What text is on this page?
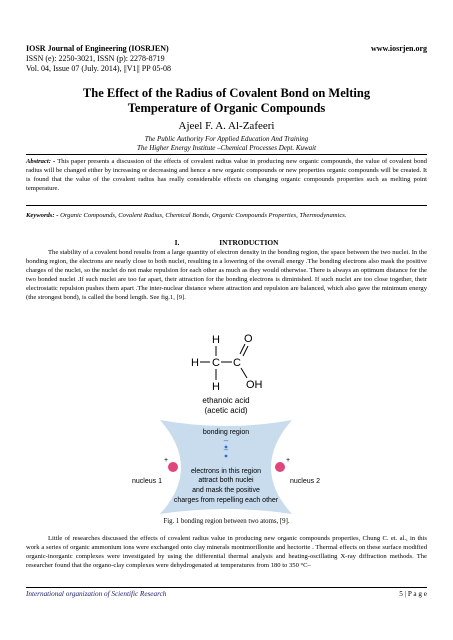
IOSR Journal of Engineering (IOSRJEN)	www.iosrjen.org
ISSN (e): 2250-3021, ISSN (p): 2278-8719
Vol. 04, Issue 07 (July. 2014), ||V1|| PP 05-08
The Effect of the Radius of Covalent Bond on Melting
Temperature of Organic Compounds
Ajeel F. A. Al-Zafeeri
The Public Authority For Applied Education And Training
The Higher Energy Institute –Chemical Processes Dept. Kuwait
Abstract: - This paper presents a discussion of the effects of covalent radius value in producing new organic compounds, the value of covalent bond radius will be changed either by increasing or decreasing and hence a new organic compounds or new properties organic compounds will be created. It is found that the value of the covalent radius has really considerable effects on changing organic compounds properties such as melting point temperature.
Keywords: - Organic Compounds, Covalent Radius, Chemical Bonds, Organic Compounds Properties, Thermodynamics.
I.	INTRODUCTION
The stability of a covalent bond results from a large quantity of electron density in the bonding region, the space between the two nuclei. In the bonding region, the electrons are nearly close to both nuclei, resulting in a lowering of the overall energy .The bonding electrons also mask the positive charges of the nuclei, so the nuclei do not make repulsion for each other as much as they would otherwise. There is always an optimum distance for the two bonded nuclei .If such nuclei are too far apart, their attraction for the bonding electrons is diminished. If such nuclei are too close together, their electrostatic repulsion pushes them apart .The inter-nuclear distance where attraction and repulsion are balanced, which also gave the minimum energy (the strongest bond), is called the bond length. See fig.1, [9].
H
H C C
H
O
OH
ethanoic acid
(acetic acid)
bonding region
–
–
electrons in this region
attract both nuclei
and mask the positive
charges from repelling each other
+
nucleus 1
+
nucleus 2
Fig. 1 bonding region between two atoms, [9].
Little of researches discussed the effects of covalent radius value in producing new organic compounds properties, Chung C. et. al., in this work a series of organic ammonium ions were exchanged onto clay minerals montmorillonite and hectorite . Thermal effects on these surface modified organic-inorganic complexes were investigated by using the differential thermal analysis and heating-oscillating X-ray diffraction methods. The researcher found that the organo-clay complexes were dehydrogenated at temperatures from 180 to 350 °C–
International organization of Scientific Research	5 | P a g e
